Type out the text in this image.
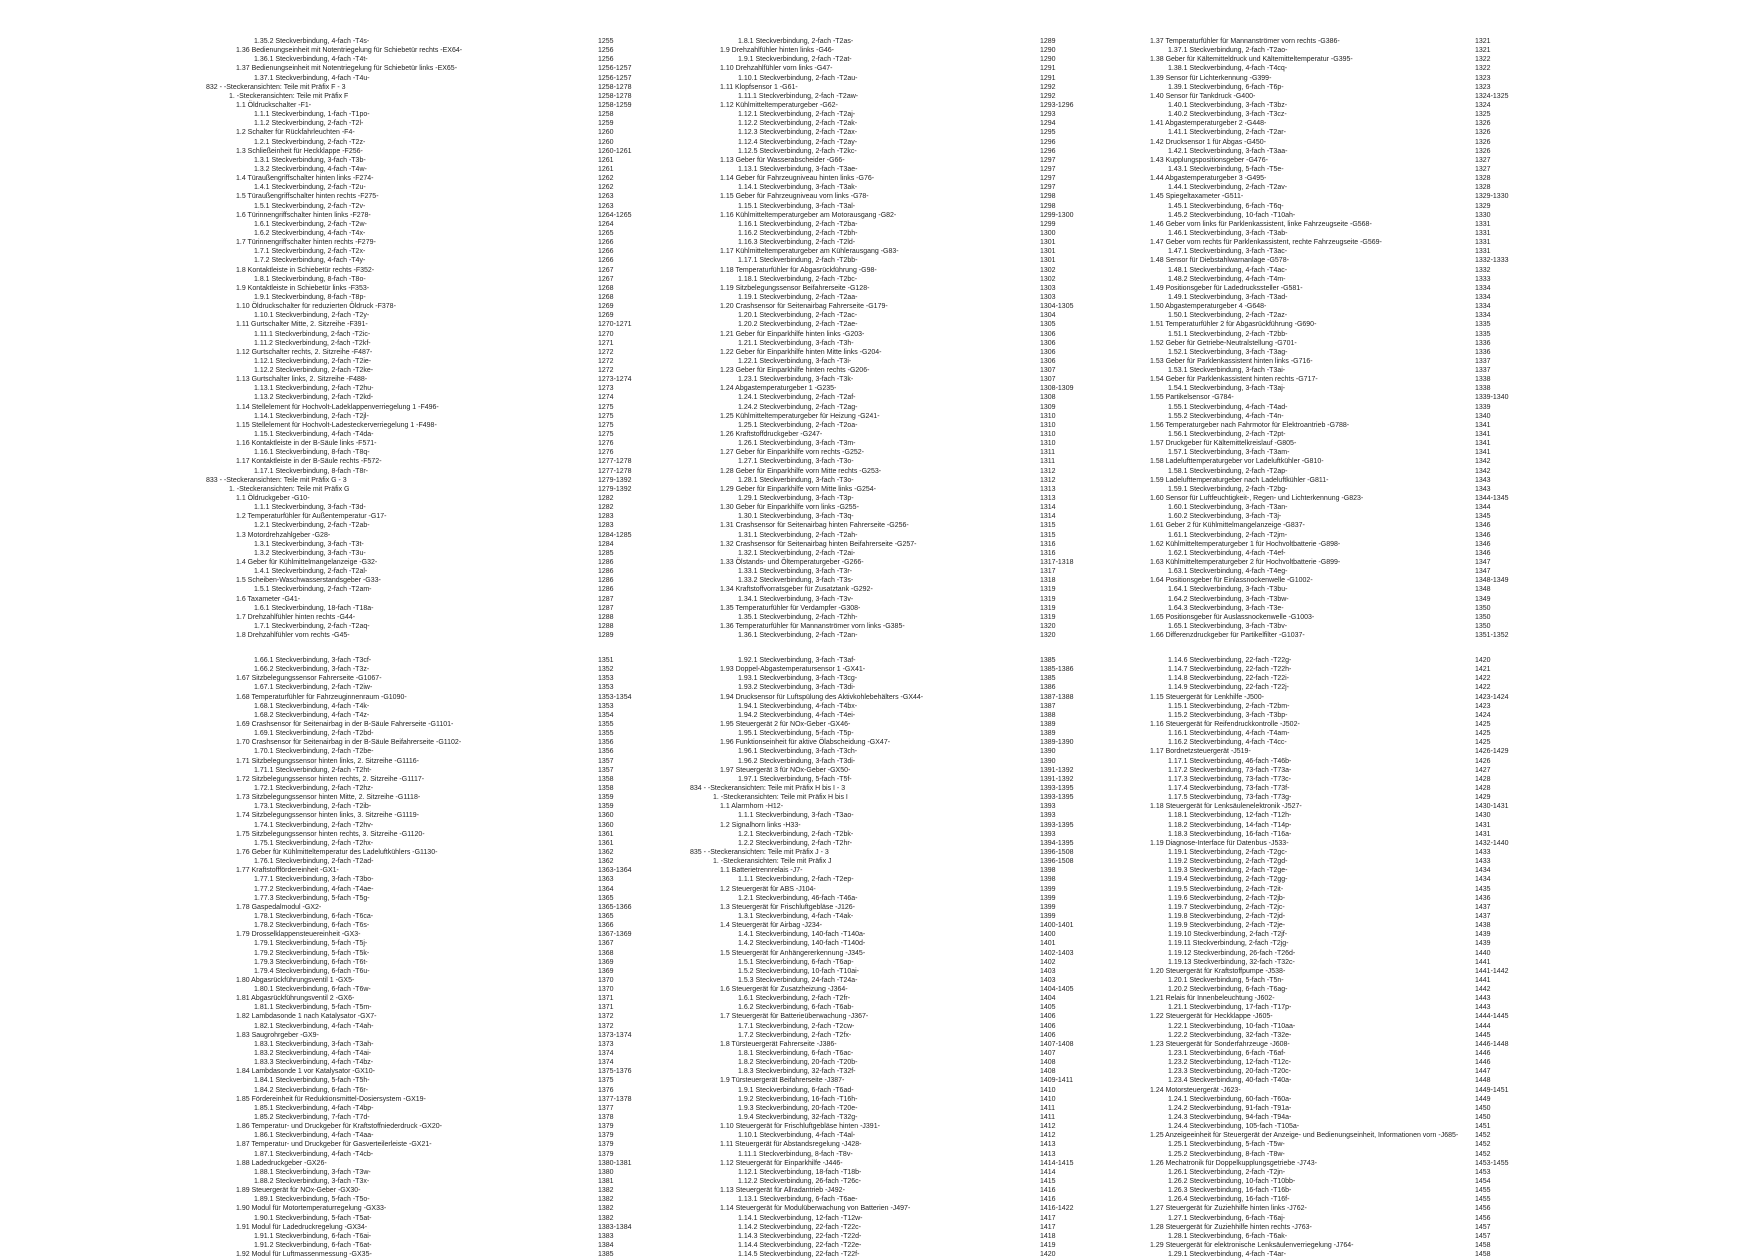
1.35.2 Steckverbindung, 4-fach -T4s-	1255
1.36 Bedienungseinheit mit Notentriegelung für Schiebetür rechts -EX64-	1256
1.36.1 Steckverbindung, 4-fach -T4t-	1256
1.37 Bedienungseinheit mit Notentriegelung für Schiebetür links -EX65-	1256-1257
1.37.1 Steckverbindung, 4-fach -T4u-	1256-1257
832 - -Steckeransichten: Teile mit Präfix F - 3	1258-1278
1. -Steckeransichten: Teile mit Präfix F	1258-1278
1.1 Öldruckschalter -F1-	1258-1259
1.1.1 Steckverbindung, 1-fach -T1po-	1258
1.1.2 Steckverbindung, 2-fach -T2l-	1259
1.2 Schalter für Rückfahrleuchten -F4-	1260
1.2.1 Steckverbindung, 2-fach -T2z-	1260
1.3 Schließeinheit für Heckklappe -F256-	1260-1261
1.3.1 Steckverbindung, 3-fach -T3b-	1261
1.3.2 Steckverbindung, 4-fach -T4w-	1261
1.4 Türaußengriffschalter hinten links -F274-	1262
1.4.1 Steckverbindung, 2-fach -T2u-	1262
1.5 Türaußengriffschalter hinten rechts -F275-	1263
1.5.1 Steckverbindung, 2-fach -T2v-	1263
1.6 Türinnengriffschalter hinten links -F278-	1264-1265
1.6.1 Steckverbindung, 2-fach -T2w-	1264
1.6.2 Steckverbindung, 4-fach -T4x-	1265
1.7 Türinnengriffschalter hinten rechts -F279-	1266
1.7.1 Steckverbindung, 2-fach -T2x-	1266
1.7.2 Steckverbindung, 4-fach -T4y-	1266
1.8 Kontaktleiste in Schiebetür rechts -F352-	1267
1.8.1 Steckverbindung, 8-fach -T8o-	1267
1.9 Kontaktleiste in Schiebetür links -F353-	1268
1.9.1 Steckverbindung, 8-fach -T8p-	1268
1.10 Öldruckschalter für reduzierten Öldruck -F378-	1269
1.10.1 Steckverbindung, 2-fach -T2y-	1269
1.11 Gurtschalter Mitte, 2. Sitzreihe -F391-	1270-1271
1.11.1 Steckverbindung, 2-fach -T2ic-	1270
1.11.2 Steckverbindung, 2-fach -T2kf-	1271
1.12 Gurtschalter rechts, 2. Sitzreihe -F487-	1272
1.12.1 Steckverbindung, 2-fach -T2ie-	1272
1.12.2 Steckverbindung, 2-fach -T2ke-	1272
1.13 Gurtschalter links, 2. Sitzreihe -F488-	1273-1274
1.13.1 Steckverbindung, 2-fach -T2hu-	1273
1.13.2 Steckverbindung, 2-fach -T2kd-	1274
1.14 Stellelement für Hochvolt-Ladeklappenverriegelung 1 -F496-	1275
1.14.1 Steckverbindung, 2-fach -T2jl-	1275
1.15 Stellelement für Hochvolt-Ladesteckerverriegelung 1 -F498-	1275
1.15.1 Steckverbindung, 4-fach -T4da-	1275
1.16 Kontaktleiste in der B-Säule links -F571-	1276
1.16.1 Steckverbindung, 8-fach -T8q-	1276
1.17 Kontaktleiste in der B-Säule rechts -F572-	1277-1278
1.17.1 Steckverbindung, 8-fach -T8r-	1277-1278
833 - -Steckeransichten: Teile mit Präfix G - 3	1279-1392
1. -Steckeransichten: Teile mit Präfix G	1279-1392
1.1 Öldruckgeber -G10-	1282
1.1.1 Steckverbindung, 3-fach -T3d-	1282
1.2 Temperaturfühler für Außentemperatur -G17-	1283
1.2.1 Steckverbindung, 2-fach -T2ab-	1283
1.3 Motordrehzahlgeber -G28-	1284-1285
1.3.1 Steckverbindung, 3-fach -T3t-	1284
1.3.2 Steckverbindung, 3-fach -T3u-	1285
1.4 Geber für Kühlmittelmangelanzeige -G32-	1286
1.4.1 Steckverbindung, 2-fach -T2al-	1286
1.5 Scheiben-Waschwasserstandsgeber -G33-	1286
1.5.1 Steckverbindung, 2-fach -T2am-	1286
1.6 Taxameter -G41-	1287
1.6.1 Steckverbindung, 18-fach -T18a-	1287
1.7 Drehzahlfühler hinten rechts -G44-	1288
1.7.1 Steckverbindung, 2-fach -T2aq-	1288
1.8 Drehzahlfühler vorn rechts -G45-	1289
1.8.1 Steckverbindung, 2-fach -T2as-	1289
1.9 Drehzahlfühler hinten links -G46-	1290
1.9.1 Steckverbindung, 2-fach -T2at-	1290
1.10 Drehzahlfühler vorn links -G47-	1291
1.10.1 Steckverbindung, 2-fach -T2au-	1291
1.11 Klopfsensor 1 -G61-	1292
1.11.1 Steckverbindung, 2-fach -T2aw-	1292
1.12 Kühlmitteltemperaturgeber -G62-	1293-1296
1.12.1 Steckverbindung, 2-fach -T2aj-	1293
1.12.2 Steckverbindung, 2-fach -T2ak-	1294
1.12.3 Steckverbindung, 2-fach -T2ax-	1295
1.12.4 Steckverbindung, 2-fach -T2ay-	1296
1.12.5 Steckverbindung, 2-fach -T2kc-	1296
1.13 Geber für Wasserabscheider -G66-	1297
1.13.1 Steckverbindung, 3-fach -T3ae-	1297
1.14 Geber für Fahrzeugniveau hinten links -G76-	1297
1.14.1 Steckverbindung, 3-fach -T3ak-	1297
1.15 Geber für Fahrzeugniveau vorn links -G78-	1298
1.15.1 Steckverbindung, 3-fach -T3al-	1298
1.16 Kühlmitteltemperaturgeber am Motorausgang -G82-	1299-1300
1.16.1 Steckverbindung, 2-fach -T2ba-	1299
1.16.2 Steckverbindung, 2-fach -T2bh-	1300
1.16.3 Steckverbindung, 2-fach -T2ld-	1301
1.17 Kühlmitteltemperaturgeber am Kühlerausgang -G83-	1301
1.17.1 Steckverbindung, 2-fach -T2bb-	1301
1.18 Temperaturfühler für Abgasrückführung -G98-	1302
1.18.1 Steckverbindung, 2-fach -T2bc-	1302
1.19 Sitzbelegungssensor Beifahrerseite -G128-	1303
1.19.1 Steckverbindung, 2-fach -T2aa-	1303
1.20 Crashsensor für Seitenairbag Fahrerseite -G179-	1304-1305
1.20.1 Steckverbindung, 2-fach -T2ac-	1304
1.20.2 Steckverbindung, 2-fach -T2ae-	1305
1.21 Geber für Einparkhilfe hinten links -G203-	1306
1.21.1 Steckverbindung, 3-fach -T3h-	1306
1.22 Geber für Einparkhilfe hinten Mitte links -G204-	1306
1.22.1 Steckverbindung, 3-fach -T3i-	1306
1.23 Geber für Einparkhilfe hinten rechts -G206-	1307
1.23.1 Steckverbindung, 3-fach -T3k-	1307
1.24 Abgastemperaturgeber 1 -G235-	1308-1309
1.24.1 Steckverbindung, 2-fach -T2af-	1308
1.24.2 Steckverbindung, 2-fach -T2ag-	1309
1.25 Kühlmitteltemperaturgeber für Heizung -G241-	1310
1.25.1 Steckverbindung, 2-fach -T2oa-	1310
1.26 Kraftstoffdruckgeber -G247-	1310
1.26.1 Steckverbindung, 3-fach -T3m-	1310
1.27 Geber für Einparkhilfe vorn rechts -G252-	1311
1.27.1 Steckverbindung, 3-fach -T3o-	1311
1.28 Geber für Einparkhilfe vorn Mitte rechts -G253-	1312
1.28.1 Steckverbindung, 3-fach -T3o-	1312
1.29 Geber für Einparkhilfe vorn Mitte links -G254-	1313
1.29.1 Steckverbindung, 3-fach -T3p-	1313
1.30 Geber für Einparkhilfe vorn links -G255-	1314
1.30.1 Steckverbindung, 3-fach -T3q-	1314
1.31 Crashsensor für Seitenairbag hinten Fahrerseite -G256-	1315
1.31.1 Steckverbindung, 2-fach -T2ah-	1315
1.32 Crashsensor für Seitenairbag hinten Beifahrerseite -G257-	1316
1.32.1 Steckverbindung, 2-fach -T2ai-	1316
1.33 Ölstands- und Öltemperaturgeber -G266-	1317-1318
1.33.1 Steckverbindung, 3-fach -T3r-	1317
1.33.2 Steckverbindung, 3-fach -T3s-	1318
1.34 Kraftstoffvorratsgeber für Zusatztank -G292-	1319
1.34.1 Steckverbindung, 3-fach -T3v-	1319
1.35 Temperaturfühler für Verdampfer -G308-	1319
1.35.1 Steckverbindung, 2-fach -T2hh-	1319
1.36 Temperaturfühler für Mannanströmer vorn links -G385-	1320
1.36.1 Steckverbindung, 2-fach -T2an-	1320
1.37 Temperaturfühler für Mannanströmer vorn rechts -G386-	1321
1.37.1 Steckverbindung, 2-fach -T2ao-	1321
1.38 Geber für Kältemitteldruck und Kältemitteltemperatur -G395-	1322
1.38.1 Steckverbindung, 4-fach -T4cq-	1322
1.39 Sensor für Lichterkennung -G399-	1323
1.39.1 Steckverbindung, 6-fach -T6p-	1323
1.40 Sensor für Tankdruck -G400-	1324-1325
1.40.1 Steckverbindung, 3-fach -T3bz-	1324
1.40.2 Steckverbindung, 3-fach -T3cz-	1325
1.41 Abgastemperaturgeber 2 -G448-	1326
1.41.1 Steckverbindung, 2-fach -T2ar-	1326
1.42 Drucksensor 1 für Abgas -G450-	1326
1.42.1 Steckverbindung, 3-fach -T3aa-	1326
1.43 Kupplungspositionsgeber -G476-	1327
1.43.1 Steckverbindung, 5-fach -T5e-	1327
1.44 Abgastemperaturgeber 3 -G495-	1328
1.44.1 Steckverbindung, 2-fach -T2av-	1328
1.45 Spiegeltaxameter -G511-	1329-1330
1.45.1 Steckverbindung, 6-fach -T6q-	1329
1.45.2 Steckverbindung, 10-fach -T10ah-	1330
1.46 Geber vorn links für Parklenkassistent, linke Fahrzeugseite -G568-	1331
1.46.1 Steckverbindung, 3-fach -T3ab-	1331
1.47 Geber vorn rechts für Parklenkassistent, rechte Fahrzeugseite -G569-	1331
1.47.1 Steckverbindung, 3-fach -T3ac-	1331
1.48 Sensor für Diebstahlwarnanlage -G578-	1332-1333
1.48.1 Steckverbindung, 4-fach -T4ac-	1332
1.48.2 Steckverbindung, 4-fach -T4m-	1333
1.49 Positionsgeber für Ladedruckssteller -G581-	1334
1.49.1 Steckverbindung, 3-fach -T3ad-	1334
1.50 Abgastemperaturgeber 4 -G648-	1334
1.50.1 Steckverbindung, 2-fach -T2az-	1334
1.51 Temperaturfühler 2 für Abgasrückführung -G690-	1335
1.51.1 Steckverbindung, 2-fach -T2bb-	1335
1.52 Geber für Getriebe-Neutralstellung -G701-	1336
1.52.1 Steckverbindung, 3-fach -T3ag-	1336
1.53 Geber für Parklenkassistent hinten links -G716-	1337
1.53.1 Steckverbindung, 3-fach -T3ai-	1337
1.54 Geber für Parklenkassistent hinten rechts -G717-	1338
1.54.1 Steckverbindung, 3-fach -T3aj-	1338
1.55 Partikelsensor -G784-	1339-1340
1.55.1 Steckverbindung, 4-fach -T4ad-	1339
1.55.2 Steckverbindung, 4-fach -T4n-	1340
1.56 Temperaturgeber nach Fahrmotor für Elektroantrieb -G788-	1341
1.56.1 Steckverbindung, 2-fach -T2pt-	1341
1.57 Druckgeber für Kältemittelkreislauf -G805-	1341
1.57.1 Steckverbindung, 3-fach -T3am-	1341
1.58 Ladelufttemperaturgeber vor Ladeluftkühler -G810-	1342
1.58.1 Steckverbindung, 2-fach -T2ap-	1342
1.59 Ladelufttemperaturgeber nach Ladeluftkühler -G811-	1343
1.59.1 Steckverbindung, 2-fach -T2bg-	1343
1.60 Sensor für Luftfeuchtigkeit-, Regen- und Lichterkennung -G823-	1344-1345
1.60.1 Steckverbindung, 3-fach -T3an-	1344
1.60.2 Steckverbindung, 3-fach -T3j-	1345
1.61 Geber 2 für Kühlmittelmangelanzeige -G837-	1346
1.61.1 Steckverbindung, 2-fach -T2jm-	1346
1.62 Kühlmitteltemperaturgeber 1 für Hochvoltbatterie -G898-	1346
1.62.1 Steckverbindung, 4-fach -T4ef-	1346
1.63 Kühlmitteltemperaturgeber 2 für Hochvoltbatterie -G899-	1347
1.63.1 Steckverbindung, 4-fach -T4eg-	1347
1.64 Positionsgeber für Einlassnockenwelle -G1002-	1348-1349
1.64.1 Steckverbindung, 3-fach -T3bu-	1348
1.64.2 Steckverbindung, 3-fach -T3bw-	1349
1.64.3 Steckverbindung, 3-fach -T3e-	1350
1.65 Positionsgeber für Auslassnockenwelle -G1003-	1350
1.65.1 Steckverbindung, 3-fach -T3bv-	1350
1.66 Differenzdruckgeber für Partikelfilter -G1037-	1351-1352
1.66.1 Steckverbindung, 3-fach -T3cf-	1351
1.66.2 Steckverbindung, 3-fach -T3z-	1352
1.67 Sitzbelegungssensor Fahrerseite -G1067-	1353
1.67.1 Steckverbindung, 2-fach -T2iw-	1353
1.68 Temperaturfühler für Fahrzeuginnenraum -G1090-	1353-1354
1.68.1 Steckverbindung, 4-fach -T4k-	1353
1.68.2 Steckverbindung, 4-fach -T4z-	1354
1.69 Crashsensor für Seitenairbag in der B-Säule Fahrerseite -G1101-	1355
1.69.1 Steckverbindung, 2-fach -T2bd-	1355
1.70 Crashsensor für Seitenairbag in der B-Säule Beifahrerseite -G1102-	1356
1.70.1 Steckverbindung, 2-fach -T2be-	1356
1.71 Sitzbelegungssensor hinten links, 2. Sitzreihe -G1116-	1357
1.71.1 Steckverbindung, 2-fach -T2ht-	1357
1.72 Sitzbelegungssensor hinten rechts, 2. Sitzreihe -G1117-	1358
1.72.1 Steckverbindung, 2-fach -T2hz-	1358
1.73 Sitzbelegungssensor hinten Mitte, 2. Sitzreihe -G1118-	1359
1.73.1 Steckverbindung, 2-fach -T2ib-	1359
1.74 Sitzbelegungssensor hinten links, 3. Sitzreihe -G1119-	1360
1.74.1 Steckverbindung, 2-fach -T2hv-	1360
1.75 Sitzbelegungssensor hinten rechts, 3. Sitzreihe -G1120-	1361
1.75.1 Steckverbindung, 2-fach -T2hx-	1361
1.76 Geber für Kühlmitteltemperatur des Ladeluftkühlers -G1130-	1362
1.76.1 Steckverbindung, 2-fach -T2ad-	1362
1.77 Kraftstofffördereinheit -GX1-	1363-1364
1.77.1 Steckverbindung, 3-fach -T3bo-	1363
1.77.2 Steckverbindung, 4-fach -T4ae-	1364
1.77.3 Steckverbindung, 5-fach -T5g-	1365
1.78 Gaspedalmodul -GX2-	1365-1366
1.78.1 Steckverbindung, 6-fach -T6ca-	1365
1.78.2 Steckverbindung, 6-fach -T6s-	1366
1.79 Drosselklappensteuereinheit -GX3-	1367-1369
1.79.1 Steckverbindung, 5-fach -T5j-	1367
1.79.2 Steckverbindung, 5-fach -T5k-	1368
1.79.3 Steckverbindung, 6-fach -T6t-	1369
1.79.4 Steckverbindung, 6-fach -T6u-	1369
1.80 Abgasrückführungsventil 1 -GX5-	1370
1.80.1 Steckverbindung, 6-fach -T6w-	1370
1.81 Abgasrückführungsventil 2 -GX6-	1371
1.81.1 Steckverbindung, 5-fach -T5m-	1371
1.82 Lambdasonde 1 nach Katalysator -GX7-	1372
1.82.1 Steckverbindung, 4-fach -T4ah-	1372
1.83 Saugrohrgeber -GX9-	1373-1374
1.83.1 Steckverbindung, 3-fach -T3ah-	1373
1.83.2 Steckverbindung, 4-fach -T4ai-	1374
1.83.3 Steckverbindung, 4-fach -T4bz-	1374
1.84 Lambdasonde 1 vor Katalysator -GX10-	1375-1376
1.84.1 Steckverbindung, 5-fach -T5h-	1375
1.84.2 Steckverbindung, 6-fach -T6r-	1376
1.85 Fördereinheit für Reduktionsmittel-Dosiersystem -GX19-	1377-1378
1.85.1 Steckverbindung, 4-fach -T4bp-	1377
1.85.2 Steckverbindung, 7-fach -T7d-	1378
1.86 Temperatur- und Druckgeber für Kraftstoffniederdruck -GX20-	1379
1.86.1 Steckverbindung, 4-fach -T4aa-	1379
1.87 Temperatur- und Druckgeber für Gasverteilerleiste -GX21-	1379
1.87.1 Steckverbindung, 4-fach -T4cb-	1379
1.88 Ladedruckgeber -GX26-	1380-1381
1.88.1 Steckverbindung, 3-fach -T3w-	1380
1.88.2 Steckverbindung, 3-fach -T3x-	1381
1.89 Steuergerät für NOx-Geber -GX30-	1382
1.89.1 Steckverbindung, 5-fach -T5o-	1382
1.90 Modul für Motortemperaturregelung -GX33-	1382
1.90.1 Steckverbindung, 5-fach -T5at-	1382
1.91 Modul für Ladedruckregelung -GX34-	1383-1384
1.91.1 Steckverbindung, 6-fach -T6ai-	1383
1.91.2 Steckverbindung, 6-fach -T6at-	1384
1.92 Modul für Luftmassenmessung -GX35-	1385
1.92.1 Steckverbindung, 3-fach -T3af-	1385
1.93 Doppel-Abgastemperatursensor 1 -GX41-	1385-1386
1.93.1 Steckverbindung, 3-fach -T3cg-	1385
1.93.2 Steckverbindung, 3-fach -T3di-	1386
1.94 Drucksensor für Luftspülung des Aktivkohlebehälters -GX44-	1387-1388
1.94.1 Steckverbindung, 4-fach -T4bx-	1387
1.94.2 Steckverbindung, 4-fach -T4ei-	1388
1.95 Steuergerät 2 für NOx-Geber -GX46-	1389
1.95.1 Steckverbindung, 5-fach -T5p-	1389
1.96 Funktionseinheit für aktive Ölabscheidung -GX47-	1389-1390
1.96.1 Steckverbindung, 3-fach -T3ch-	1390
1.96.2 Steckverbindung, 3-fach -T3di-	1390
1.97 Steuergerät 3 für NOx-Geber -GX50-	1391-1392
1.97.1 Steckverbindung, 5-fach -T5f-	1391-1392
834 - -Steckeransichten: Teile mit Präfix H bis I - 3	1393-1395
1. -Steckeransichten: Teile mit Präfix H bis I	1393-1395
1.1 Alarmhorn -H12-	1393
1.1.1 Steckverbindung, 3-fach -T3ao-	1393
1.2 Signalhorn links -H33-	1393-1395
1.2.1 Steckverbindung, 2-fach -T2bk-	1393
1.2.2 Steckverbindung, 2-fach -T2hr-	1394-1395
835 - -Steckeransichten: Teile mit Präfix J - 3	1396-1508
1. -Steckeransichten: Teile mit Präfix J	1396-1508
1.1 Batterietrennrelais -J7-	1398
1.1.1 Steckverbindung, 2-fach -T2ep-	1398
1.2 Steuergerät für ABS -J104-	1399
1.2.1 Steckverbindung, 46-fach -T46a-	1399
1.3 Steuergerät für Frischluftgebläse -J126-	1399
1.3.1 Steckverbindung, 4-fach -T4ak-	1399
1.4 Steuergerät für Airbag -J234-	1400-1401
1.4.1 Steckverbindung, 140-fach -T140a-	1400
1.4.2 Steckverbindung, 140-fach -T140d-	1401
1.5 Steuergerät für Anhängererkennung -J345-	1402-1403
1.5.1 Steckverbindung, 6-fach -T6ap-	1402
1.5.2 Steckverbindung, 10-fach -T10ai-	1403
1.5.3 Steckverbindung, 24-fach -T24a-	1403
1.6 Steuergerät für Zusatzheizung -J364-	1404-1405
1.6.1 Steckverbindung, 2-fach -T2fr-	1404
1.6.2 Steckverbindung, 6-fach -T6ab-	1405
1.7 Steuergerät für Batterieüberwachung -J367-	1406
1.7.1 Steckverbindung, 2-fach -T2cw-	1406
1.7.2 Steckverbindung, 2-fach -T2fx-	1406
1.8 Türsteuergerät Fahrerseite -J386-	1407-1408
1.8.1 Steckverbindung, 6-fach -T6ac-	1407
1.8.2 Steckverbindung, 20-fach -T20b-	1408
1.8.3 Steckverbindung, 32-fach -T32f-	1408
1.9 Türsteuergerät Beifahrerseite -J387-	1409-1411
1.9.1 Steckverbindung, 6-fach -T6ad-	1410
1.9.2 Steckverbindung, 16-fach -T16h-	1410
1.9.3 Steckverbindung, 20-fach -T20e-	1411
1.9.4 Steckverbindung, 32-fach -T32g-	1411
1.10 Steuergerät für Frischluftgebläse hinten -J391-	1412
1.10.1 Steckverbindung, 4-fach -T4al-	1412
1.11 Steuergerät für Abstandsregelung -J428-	1413
1.11.1 Steckverbindung, 8-fach -T8v-	1413
1.12 Steuergerät für Einparkhilfe -J446-	1414-1415
1.12.1 Steckverbindung, 18-fach -T18b-	1414
1.12.2 Steckverbindung, 26-fach -T26c-	1415
1.13 Steuergerät für Allradantrieb -J492-	1416
1.13.1 Steckverbindung, 6-fach -T6ae-	1416
1.14 Steuergerät für Modulüberwachung von Batterien -J497-	1416-1422
1.14.1 Steckverbindung, 12-fach -T12w-	1417
1.14.2 Steckverbindung, 22-fach -T22c-	1417
1.14.3 Steckverbindung, 22-fach -T22d-	1418
1.14.4 Steckverbindung, 22-fach -T22e-	1419
1.14.5 Steckverbindung, 22-fach -T22f-	1420
1.14.6 Steckverbindung, 22-fach -T22g-	1420
1.14.7 Steckverbindung, 22-fach -T22h-	1421
1.14.8 Steckverbindung, 22-fach -T22i-	1422
1.14.9 Steckverbindung, 22-fach -T22j-	1422
1.15 Steuergerät für Lenkhilfe -J500-	1423-1424
1.15.1 Steckverbindung, 2-fach -T2bm-	1423
1.15.2 Steckverbindung, 3-fach -T3bp-	1424
1.16 Steuergerät für Reifendruckkontrolle -J502-	1425
1.16.1 Steckverbindung, 4-fach -T4am-	1425
1.16.2 Steckverbindung, 4-fach -T4cc-	1425
1.17 Bordnetzsteuergerät -J519-	1426-1429
1.17.1 Steckverbindung, 46-fach -T46b-	1426
1.17.2 Steckverbindung, 73-fach -T73a-	1427
1.17.3 Steckverbindung, 73-fach -T73c-	1428
1.17.4 Steckverbindung, 73-fach -T73f-	1428
1.17.5 Steckverbindung, 73-fach -T73g-	1429
1.18 Steuergerät für Lenksäulenelektronik -J527-	1430-1431
1.18.1 Steckverbindung, 12-fach -T12h-	1430
1.18.2 Steckverbindung, 14-fach -T14p-	1431
1.18.3 Steckverbindung, 16-fach -T16a-	1431
1.19 Diagnose-Interface für Datenbus -J533-	1432-1440
1.19.1 Steckverbindung, 2-fach -T2gc-	1433
1.19.2 Steckverbindung, 2-fach -T2gd-	1433
1.19.3 Steckverbindung, 2-fach -T2ge-	1434
1.19.4 Steckverbindung, 2-fach -T2gg-	1434
1.19.5 Steckverbindung, 2-fach -T2it-	1435
1.19.6 Steckverbindung, 2-fach -T2jb-	1436
1.19.7 Steckverbindung, 2-fach -T2jc-	1437
1.19.8 Steckverbindung, 2-fach -T2jd-	1437
1.19.9 Steckverbindung, 2-fach -T2je-	1438
1.19.10 Steckverbindung, 2-fach -T2jf-	1439
1.19.11 Steckverbindung, 2-fach -T2jg-	1439
1.19.12 Steckverbindung, 26-fach -T26d-	1440
1.19.13 Steckverbindung, 32-fach -T32c-	1441
1.20 Steuergerät für Kraftstoffpumpe -J538-	1441-1442
1.20.1 Steckverbindung, 5-fach -T5n-	1441
1.20.2 Steckverbindung, 6-fach -T6ag-	1442
1.21 Relais für Innenbeleuchtung -J602-	1443
1.21.1 Steckverbindung, 17-fach -T17p-	1443
1.22 Steuergerät für Heckklappe -J605-	1444-1445
1.22.1 Steckverbindung, 10-fach -T10aa-	1444
1.22.2 Steckverbindung, 32-fach -T32e-	1445
1.23 Steuergerät für Sonderfahrzeuge -J608-	1446-1448
1.23.1 Steckverbindung, 6-fach -T6af-	1446
1.23.2 Steckverbindung, 12-fach -T12c-	1446
1.23.3 Steckverbindung, 20-fach -T20c-	1447
1.23.4 Steckverbindung, 40-fach -T40a-	1448
1.24 Motorsteuergerät -J623-	1449-1451
1.24.1 Steckverbindung, 60-fach -T60a-	1449
1.24.2 Steckverbindung, 91-fach -T91a-	1450
1.24.3 Steckverbindung, 94-fach -T94a-	1450
1.24.4 Steckverbindung, 105-fach -T105a-	1451
1.25 Anzeigeeinheit für Steuergerät der Anzeige- und Bedienungseinheit, Informationen vorn -J685- 1452
1.25.1 Steckverbindung, 5-fach -T5w-	1452
1.25.2 Steckverbindung, 8-fach -T8w-	1452
1.26 Mechatronik für Doppelkupplungsgetriebe -J743-	1453-1455
1.26.1 Steckverbindung, 2-fach -T2jn-	1453
1.26.2 Steckverbindung, 10-fach -T10bb-	1454
1.26.3 Steckverbindung, 16-fach -T16b-	1455
1.26.4 Steckverbindung, 16-fach -T16f-	1455
1.27 Steuergerät für Zuziehhilfe hinten links -J762-	1456
1.27.1 Steckverbindung, 6-fach -T6aj-	1456
1.28 Steuergerät für Zuziehhilfe hinten rechts -J763-	1457
1.28.1 Steckverbindung, 6-fach -T6ak-	1457
1.29 Steuergerät für elektronische Lenksäulenverriegelung -J764-	1458
1.29.1 Steckverbindung, 4-fach -T4ar-	1458
